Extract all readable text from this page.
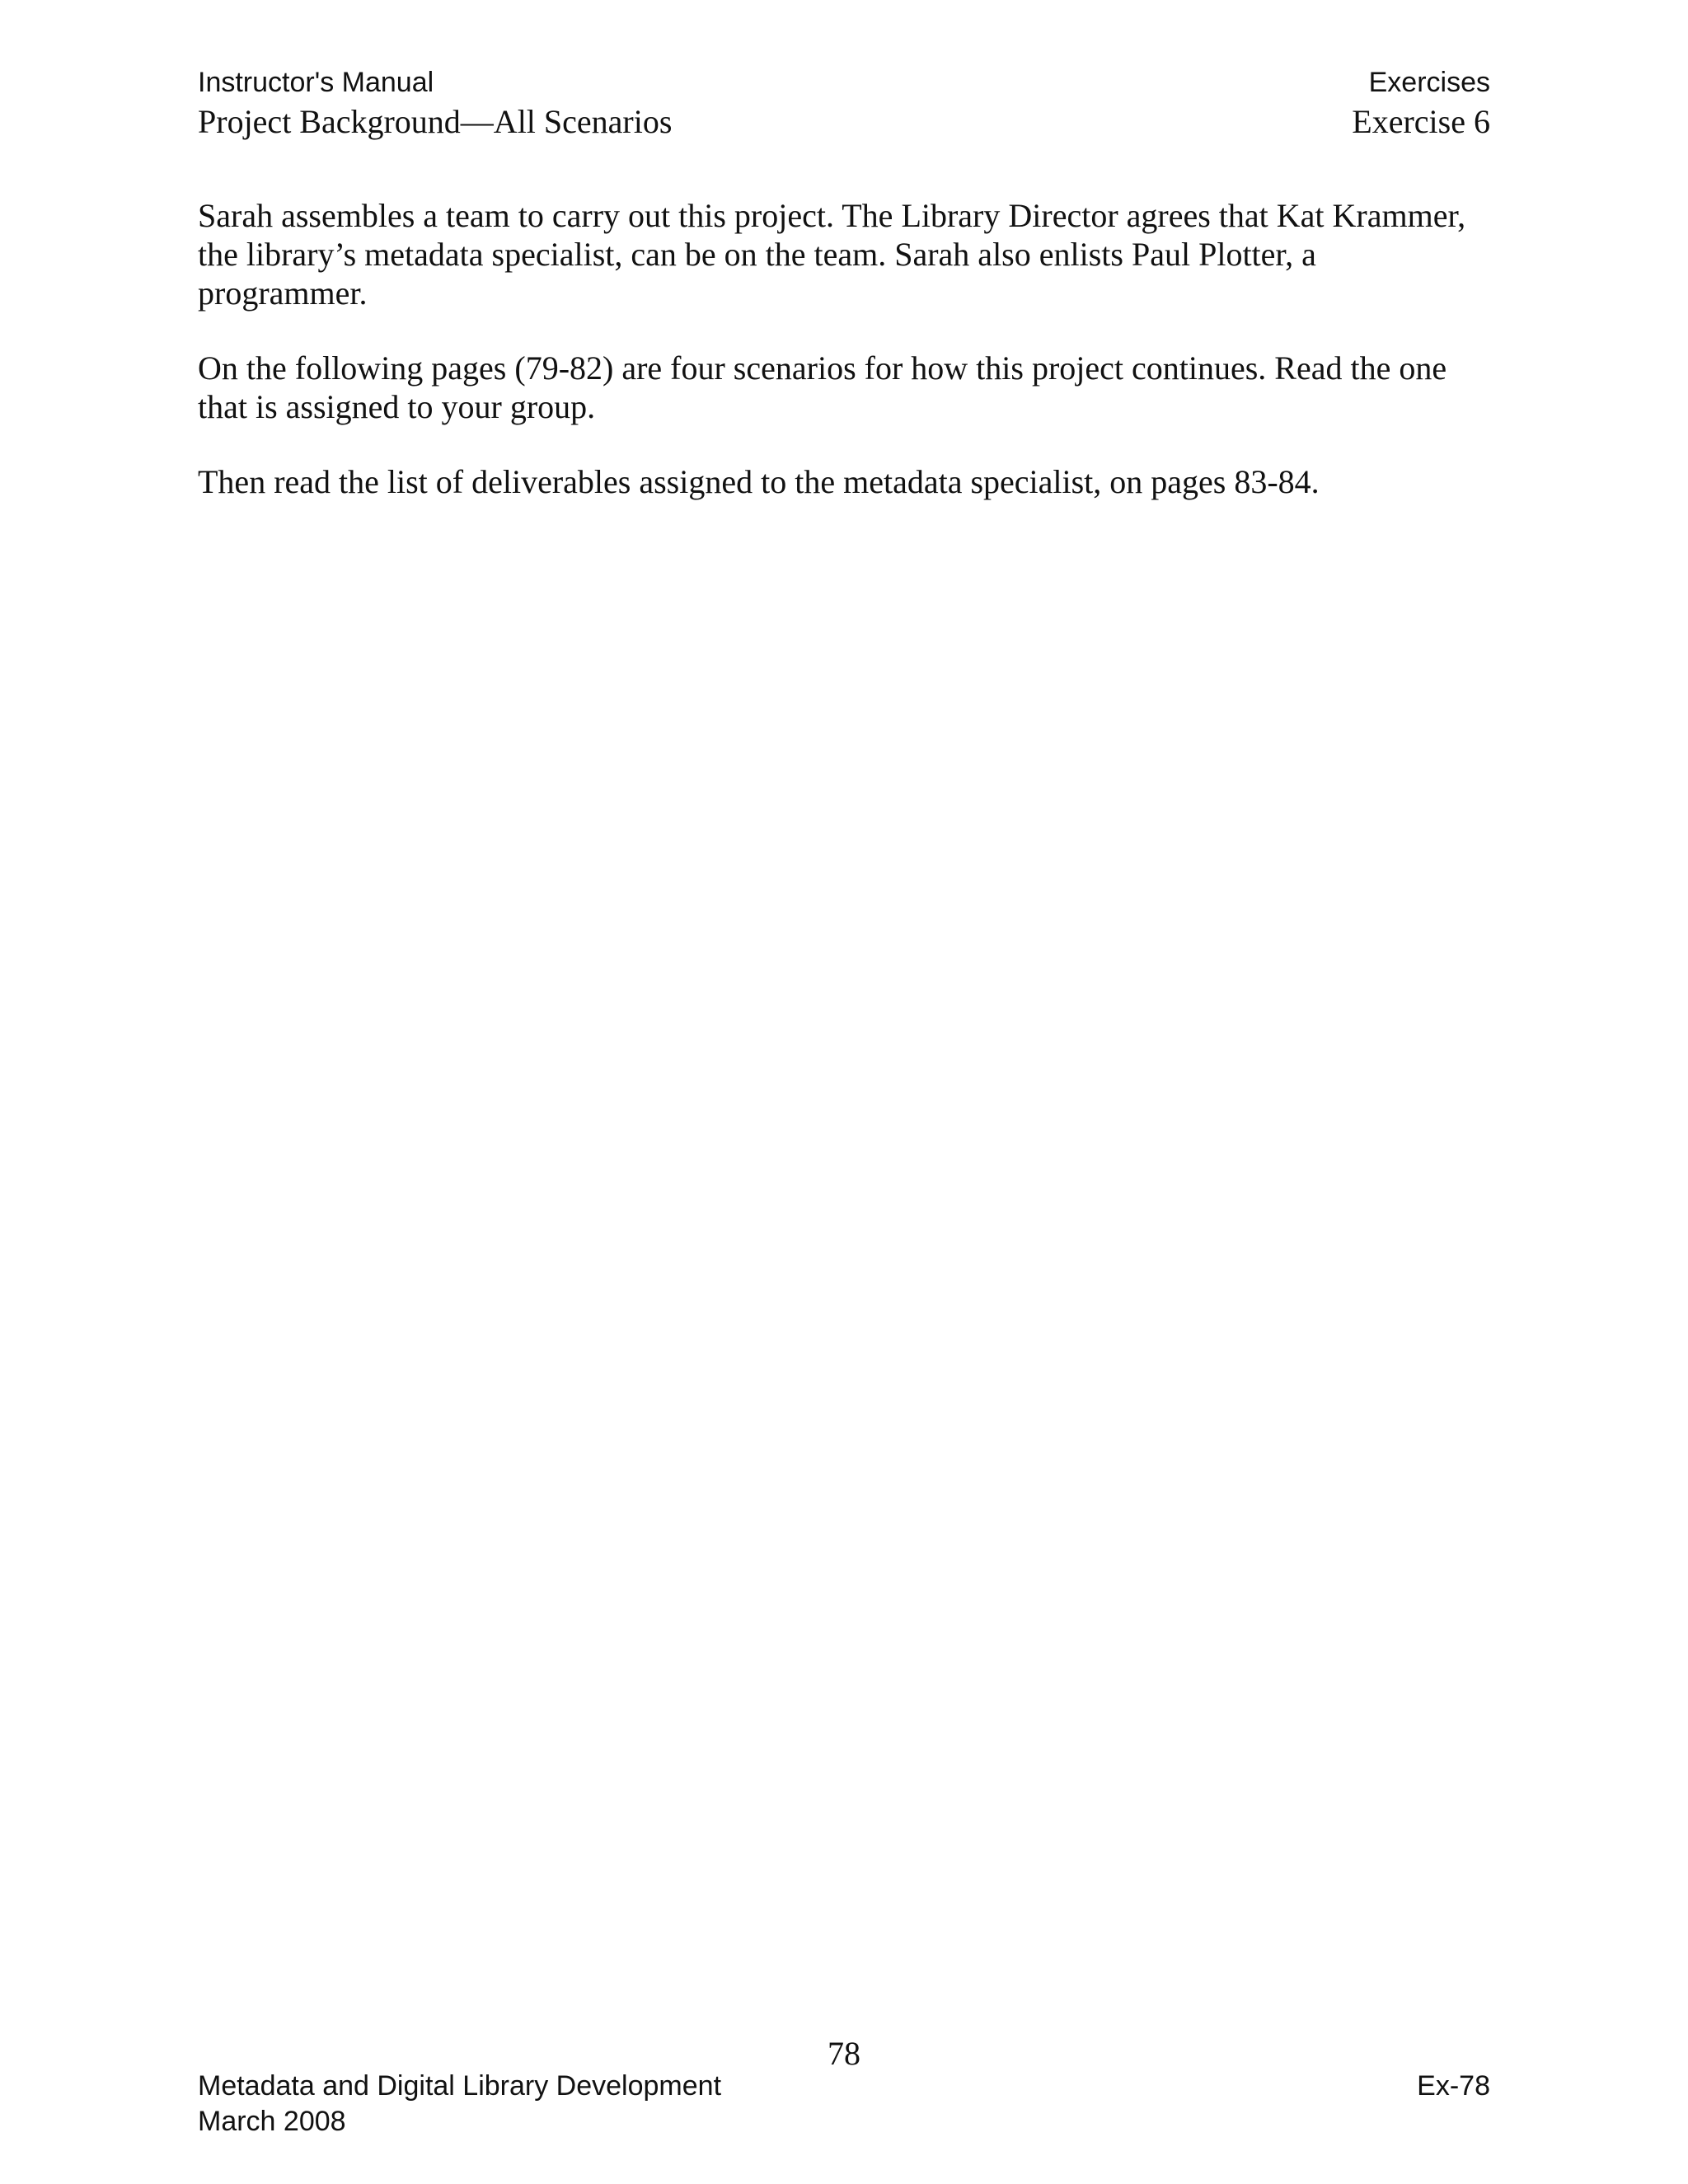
Instructor's Manual
Project Background—All Scenarios
Exercises
Exercise 6

Sarah assembles a team to carry out this project. The Library Director agrees that Kat Krammer, the library’s metadata specialist, can be on the team. Sarah also enlists Paul Plotter, a programmer.

On the following pages (79-82) are four scenarios for how this project continues. Read the one that is assigned to your group.

Then read the list of deliverables assigned to the metadata specialist, on pages 83-84.

78
Metadata and Digital Library Development
March 2008
Ex-78
